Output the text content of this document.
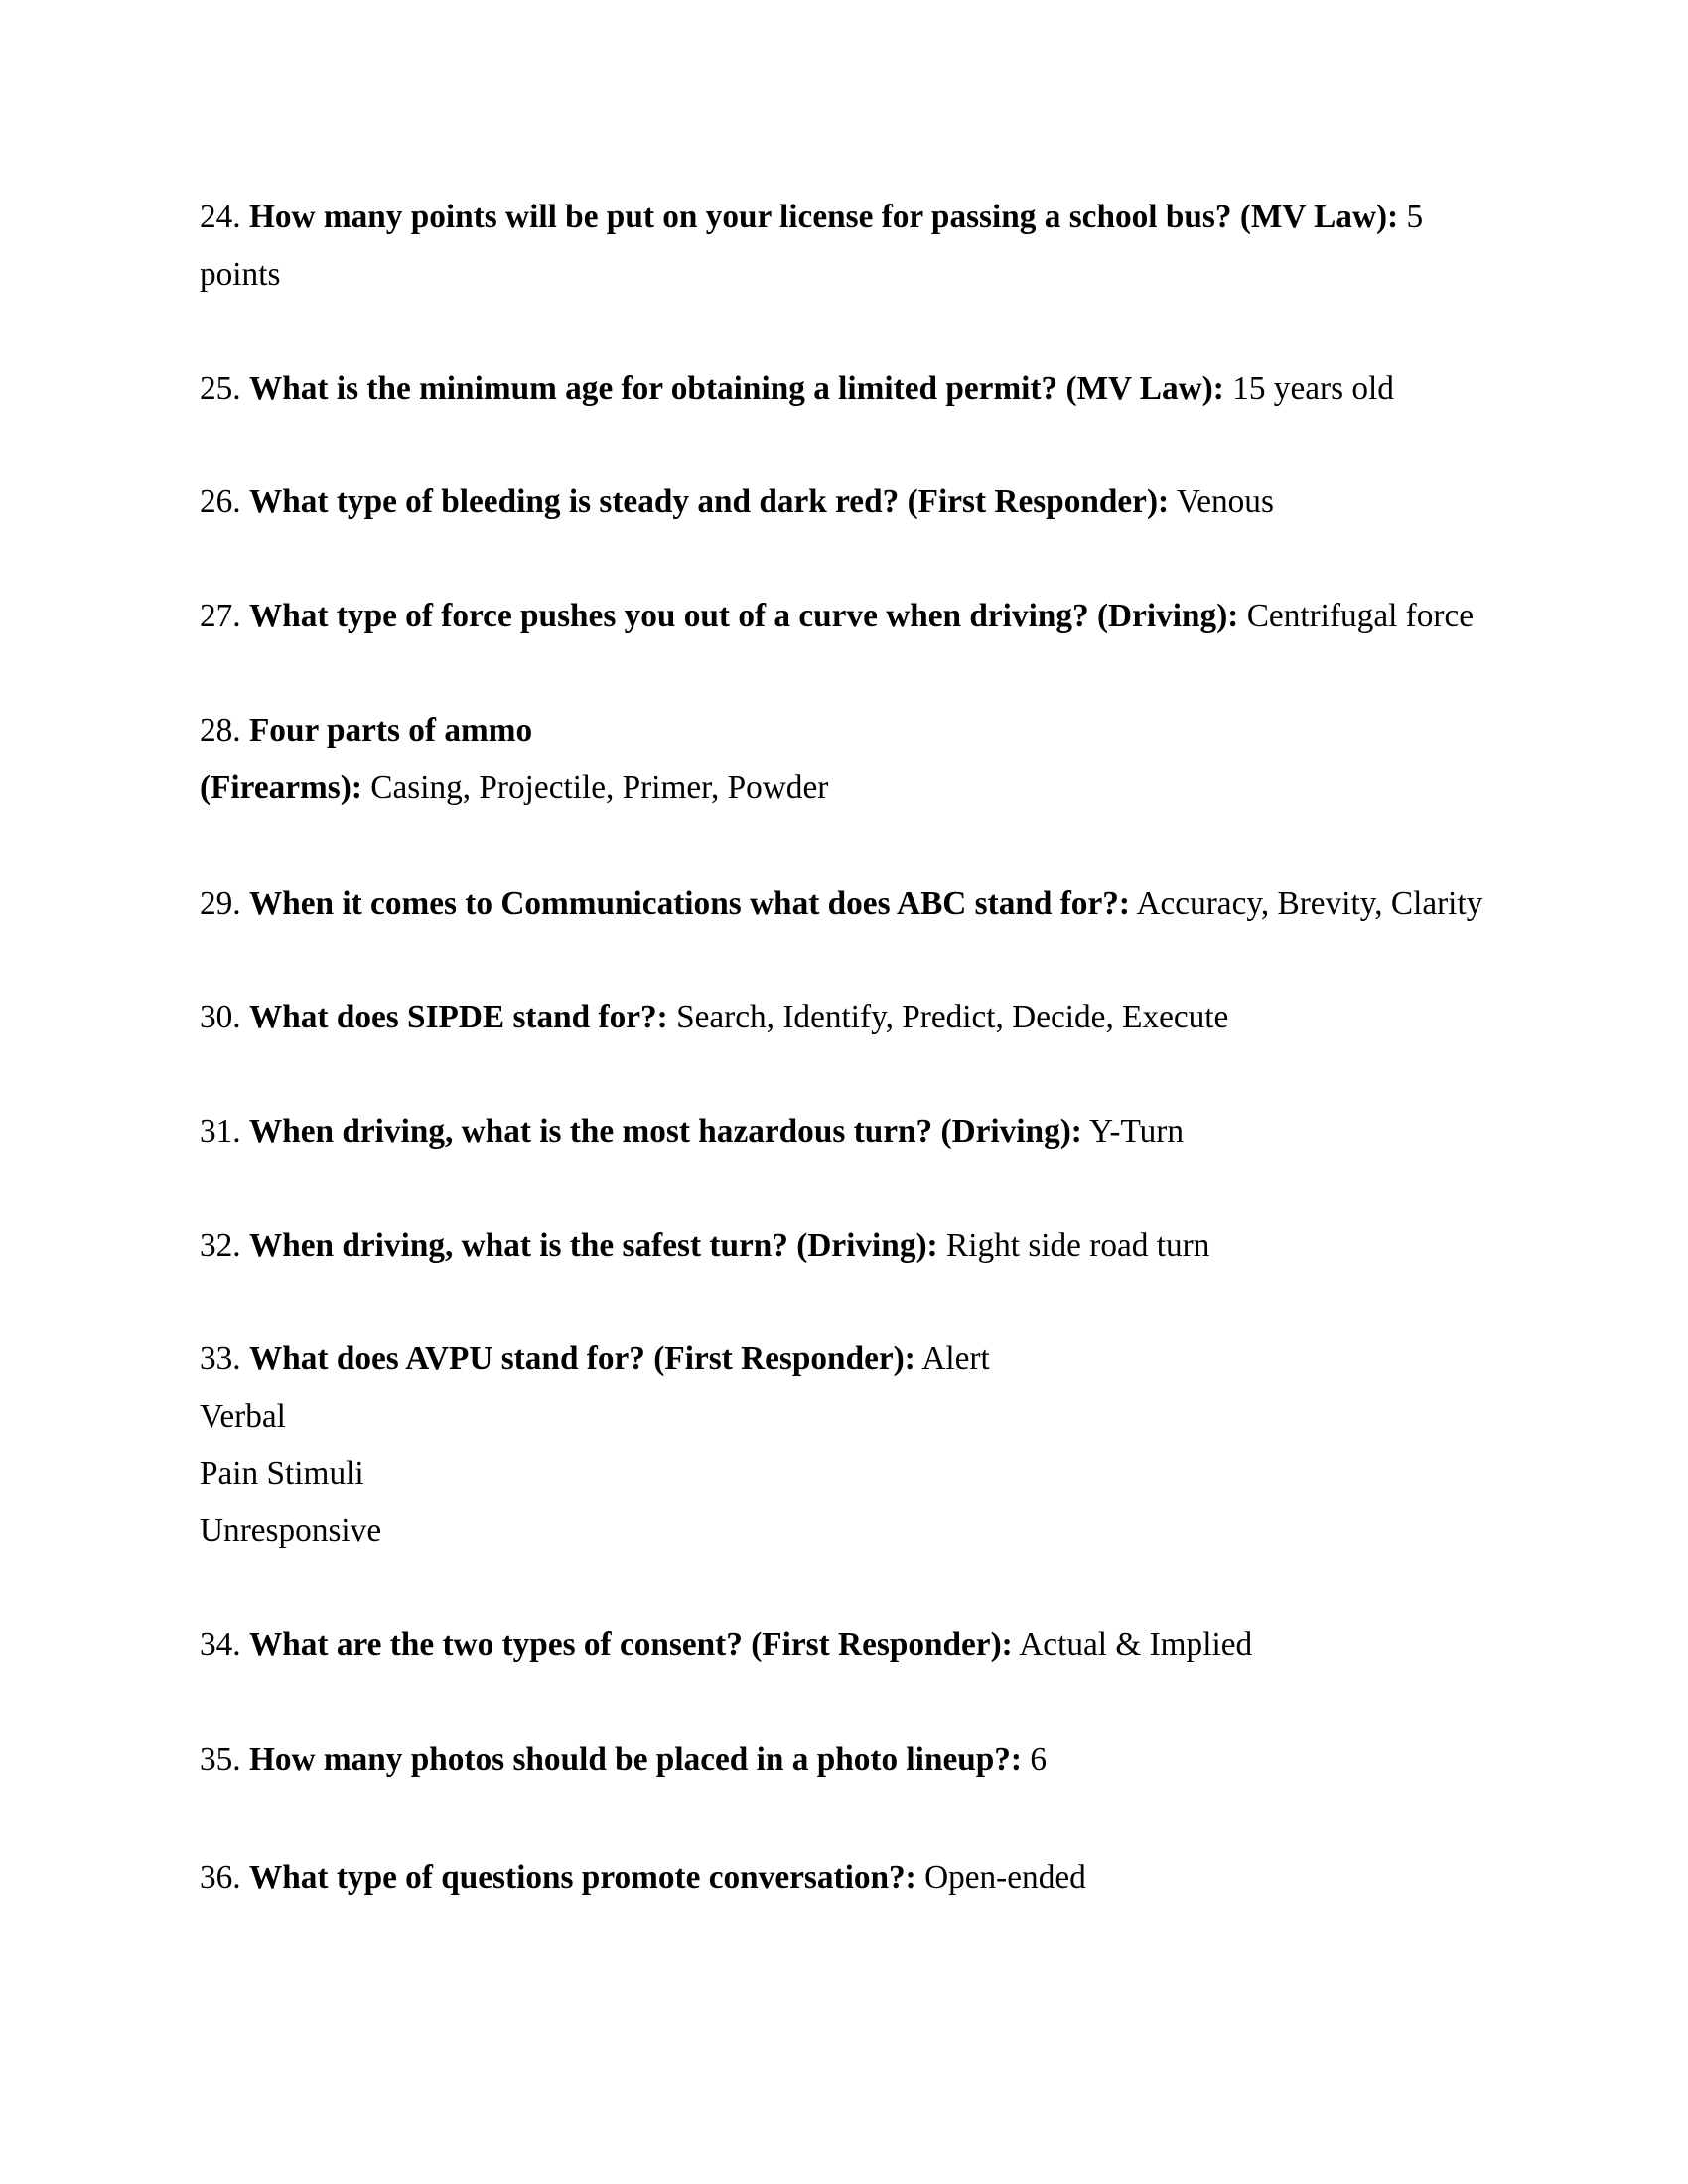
24. How many points will be put on your license for passing a school bus? (MV Law): 5
points
25. What is the minimum age for obtaining a limited permit? (MV Law): 15 years old
26. What type of bleeding is steady and dark red? (First Responder): Venous
27. What type of force pushes you out of a curve when driving? (Driving): Centrifugal force
28. Four parts of ammo
(Firearms): Casing, Projectile, Primer, Powder
29. When it comes to Communications what does ABC stand for?: Accuracy, Brevity, Clarity
30. What does SIPDE stand for?: Search, Identify, Predict, Decide, Execute
31. When driving, what is the most hazardous turn? (Driving): Y-Turn
32. When driving, what is the safest turn? (Driving): Right side road turn
33. What does AVPU stand for? (First Responder): Alert
Verbal
Pain Stimuli
Unresponsive
34. What are the two types of consent? (First Responder): Actual & Implied
35. How many photos should be placed in a photo lineup?: 6
36. What type of questions promote conversation?: Open-ended
